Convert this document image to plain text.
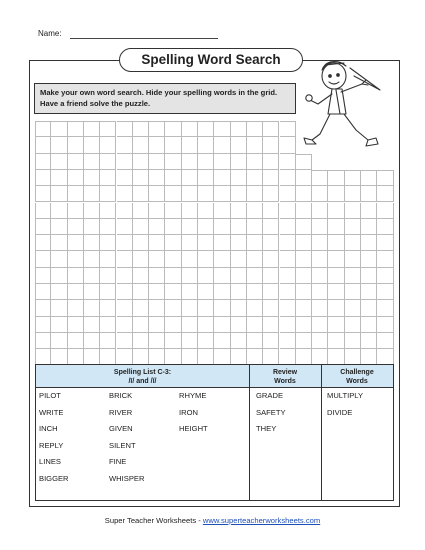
Name:
Spelling Word Search
Make your own word search. Hide your spelling words in the grid. Have a friend solve the puzzle.
Spelling List C-3:
/ī/ and /ĭ/
Review
Words
Challenge
Words
PILOT
WRITE
INCH
REPLY
LINES
BIGGER
BRICK
RIVER
GIVEN
SILENT
FINE
WHISPER
RHYME
IRON
HEIGHT
GRADE
SAFETY
THEY
MULTIPLY
DIVIDE
Super Teacher Worksheets - www.superteacherworksheets.com
